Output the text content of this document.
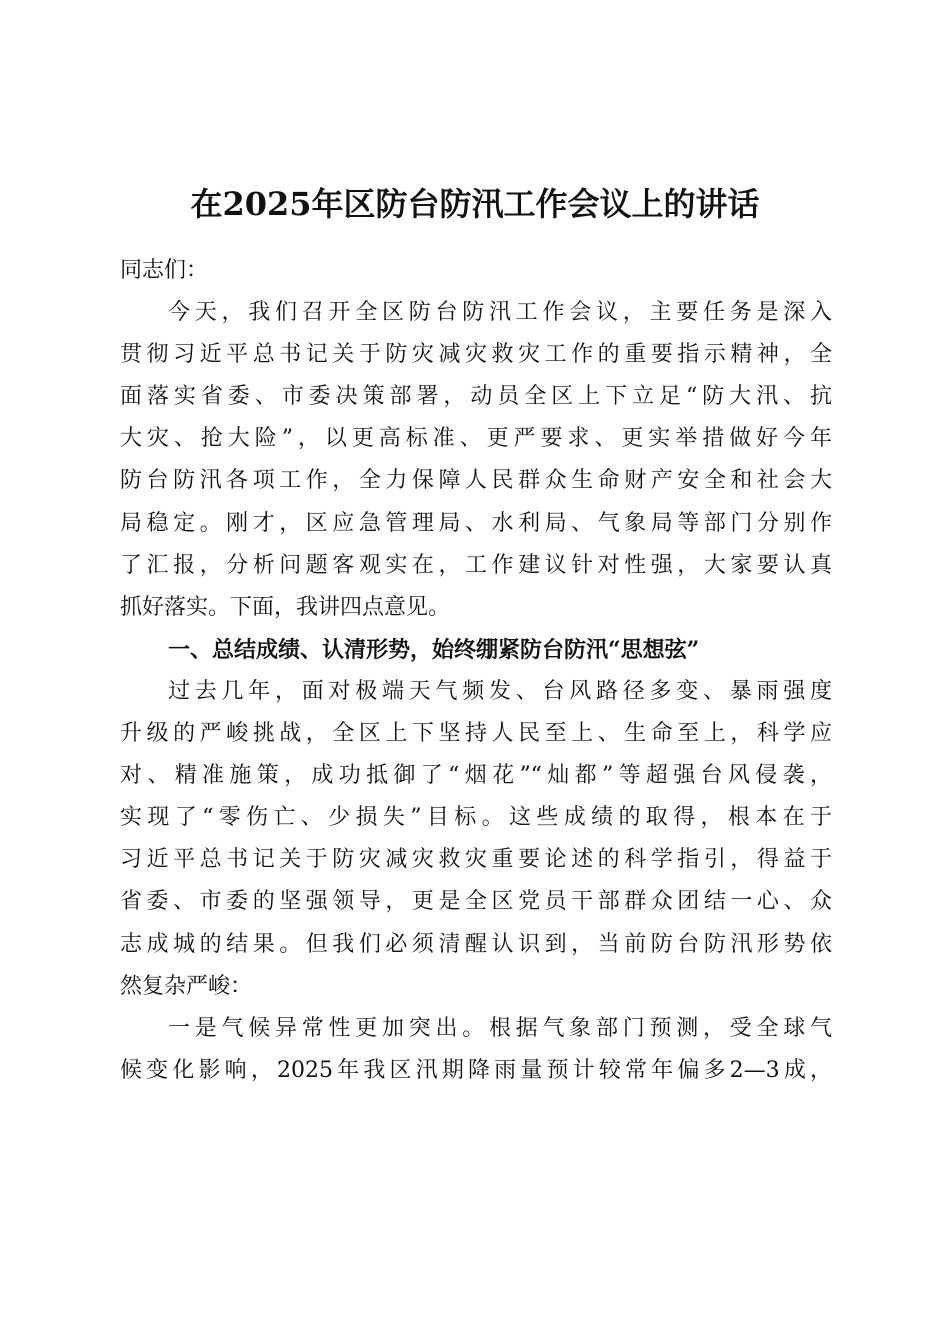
在2025年区防台防汛工作会议上的讲话
同志们：
今天，我们召开全区防台防汛工作会议，主要任务是深入
贯彻习近平总书记关于防灾减灾救灾工作的重要指示精神，全
面落实省委、市委决策部署，动员全区上下立足“防大汛、抗
大灾、抢大险”，以更高标准、更严要求、更实举措做好今年
防台防汛各项工作，全力保障人民群众生命财产安全和社会大
局稳定。刚才，区应急管理局、水利局、气象局等部门分别作
了汇报，分析问题客观实在，工作建议针对性强，大家要认真
抓好落实。下面，我讲四点意见。
一、总结成绩、认清形势，始终绷紧防台防汛“思想弦”
过去几年，面对极端天气频发、台风路径多变、暴雨强度
升级的严峻挑战，全区上下坚持人民至上、生命至上，科学应
对、精准施策，成功抵御了“烟花”“灿都”等超强台风侵袭，
实现了“零伤亡、少损失”目标。这些成绩的取得，根本在于
习近平总书记关于防灾减灾救灾重要论述的科学指引，得益于
省委、市委的坚强领导，更是全区党员干部群众团结一心、众
志成城的结果。但我们必须清醒认识到，当前防台防汛形势依
然复杂严峻：
一是气候异常性更加突出。根据气象部门预测，受全球气
候变化影响，2025年我区汛期降雨量预计较常年偏多2—3成，
